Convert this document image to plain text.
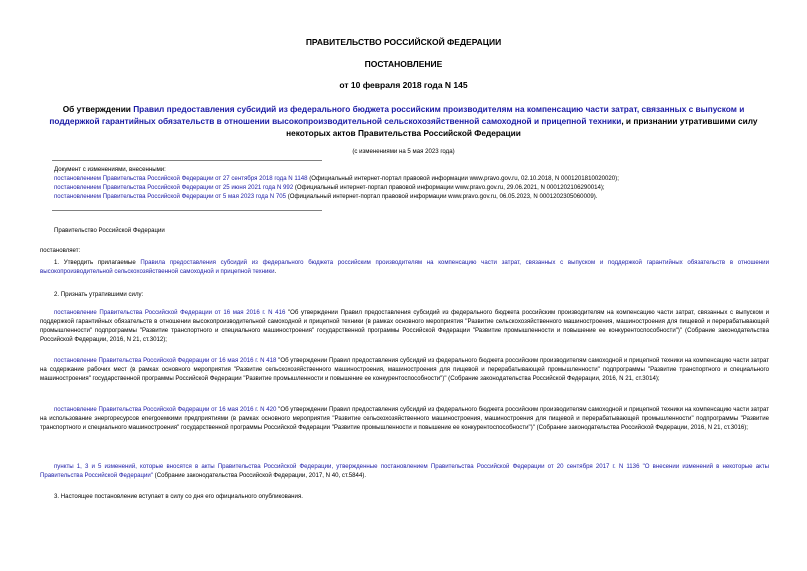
ПРАВИТЕЛЬСТВО РОССИЙСКОЙ ФЕДЕРАЦИИ
ПОСТАНОВЛЕНИЕ
от 10 февраля 2018 года N 145
Об утверждении Правил предоставления субсидий из федерального бюджета российским производителям на компенсацию части затрат, связанных с выпуском и поддержкой гарантийных обязательств в отношении высокопроизводительной сельскохозяйственной самоходной и прицепной техники, и признании утратившими силу некоторых актов Правительства Российской Федерации
(с изменениями на 5 мая 2023 года)
Документ с изменениями, внесенными:
постановлением Правительства Российской Федерации от 27 сентября 2018 года N 1148 (Официальный интернет-портал правовой информации www.pravo.gov.ru, 02.10.2018, N 0001201810020020);
постановлением Правительства Российской Федерации от 25 июня 2021 года N 992 (Официальный интернет-портал правовой информации www.pravo.gov.ru, 29.06.2021, N 0001202106290014);
постановлением Правительства Российской Федерации от 5 мая 2023 года N 705 (Официальный интернет-портал правовой информации www.pravo.gov.ru, 06.05.2023, N 0001202305060009).
Правительство Российской Федерации
постановляет:
1. Утвердить прилагаемые Правила предоставления субсидий из федерального бюджета российским производителям на компенсацию части затрат, связанных с выпуском и поддержкой гарантийных обязательств в отношении высокопроизводительной сельскохозяйственной самоходной и прицепной техники.
2. Признать утратившими силу:
постановление Правительства Российской Федерации от 16 мая 2016 г. N 416 "Об утверждении Правил предоставления субсидий из федерального бюджета российским производителям на компенсацию части затрат, связанных с выпуском и поддержкой гарантийных обязательств в отношении высокопроизводительной самоходной и прицепной техники (в рамках основного мероприятия "Развитие сельскохозяйственного машиностроения, машиностроения для пищевой и перерабатывающей промышленности" подпрограммы "Развитие транспортного и специального машиностроения" государственной программы Российской Федерации "Развитие промышленности и повышение ее конкурентоспособности")" (Собрание законодательства Российской Федерации, 2016, N 21, ст.3012);
постановление Правительства Российской Федерации от 16 мая 2016 г. N 418 "Об утверждении Правил предоставления субсидий из федерального бюджета российским производителям самоходной и прицепной техники на компенсацию части затрат на содержание рабочих мест (в рамках основного мероприятия "Развитие сельскохозяйственного машиностроения, машиностроения для пищевой и перерабатывающей промышленности" подпрограммы "Развитие транспортного и специального машиностроения" государственной программы Российской Федерации "Развитие промышленности и повышение ее конкурентоспособности")" (Собрание законодательства Российской Федерации, 2016, N 21, ст.3014);
постановление Правительства Российской Федерации от 16 мая 2016 г. N 420 "Об утверждении Правил предоставления субсидий из федерального бюджета российским производителям самоходной и прицепной техники на компенсацию части затрат на использование энергоресурсов energoемкими предприятиями (в рамках основного мероприятия "Развитие сельскохозяйственного машиностроения, машиностроения для пищевой и перерабатывающей промышленности" подпрограммы "Развитие транспортного и специального машиностроения" государственной программы Российской Федерации "Развитие промышленности и повышение ее конкурентоспособности")" (Собрание законодательства Российской Федерации, 2016, N 21, ст.3016);
пункты 1, 3 и 5 изменений, которые вносятся в акты Правительства Российской Федерации, утвержденные постановлением Правительства Российской Федерации от 20 сентября 2017 г. N 1136 "О внесении изменений в некоторые акты Правительства Российской Федерации" (Собрание законодательства Российской Федерации, 2017, N 40, ст.5844).
3. Настоящее постановление вступает в силу со дня его официального опубликования.
